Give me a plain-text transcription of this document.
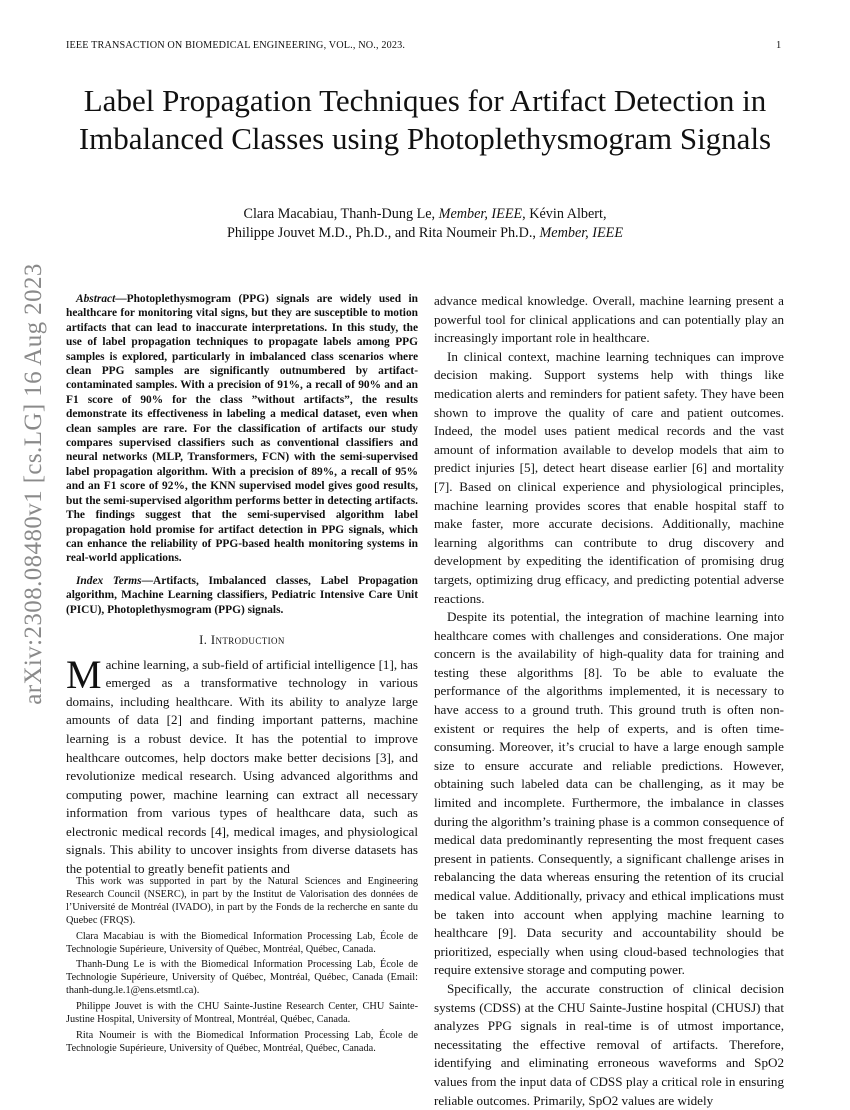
IEEE TRANSACTION ON BIOMEDICAL ENGINEERING, VOL., NO., 2023.	1
arXiv:2308.08480v1 [cs.LG] 16 Aug 2023
Label Propagation Techniques for Artifact Detection in Imbalanced Classes using Photoplethysmogram Signals
Clara Macabiau, Thanh-Dung Le, Member, IEEE, Kévin Albert,
Philippe Jouvet M.D., Ph.D., and Rita Noumeir Ph.D., Member, IEEE

Abstract—Photoplethysmogram (PPG) signals are widely used in healthcare for monitoring vital signs, but they are susceptible to motion artifacts that can lead to inaccurate interpretations. In this study, the use of label propagation techniques to propagate labels among PPG samples is explored, particularly in imbalanced class scenarios where clean PPG samples are significantly outnumbered by artifact-contaminated samples. With a precision of 91%, a recall of 90% and an F1 score of 90% for the class ”without artifacts”, the results demonstrate its effectiveness in labeling a medical dataset, even when clean samples are rare. For the classification of artifacts our study compares supervised classifiers such as conventional classifiers and neural networks (MLP, Transformers, FCN) with the semi-supervised label propagation algorithm. With a precision of 89%, a recall of 95% and an F1 score of 92%, the KNN supervised model gives good results, but the semi-supervised algorithm performs better in detecting artifacts. The findings suggest that the semi-supervised algorithm label propagation hold promise for artifact detection in PPG signals, which can enhance the reliability of PPG-based health monitoring systems in real-world applications.

Index Terms—Artifacts, Imbalanced classes, Label Propagation algorithm, Machine Learning classifiers, Pediatric Intensive Care Unit (PICU), Photoplethysmogram (PPG) signals.

I. Introduction

Machine learning, a sub-field of artificial intelligence [1], has emerged as a transformative technology in various domains, including healthcare. With its ability to analyze large amounts of data [2] and finding important patterns, machine learning is a robust device. It has the potential to improve healthcare outcomes, help doctors make better decisions [3], and revolutionize medical research. Using advanced algorithms and computing power, machine learning can extract all necessary information from various types of healthcare data, such as electronic medical records [4], medical images, and physiological signals. This ability to uncover insights from diverse datasets has the potential to greatly benefit patients and

This work was supported in part by the Natural Sciences and Engineering Research Council (NSERC), in part by the Institut de Valorisation des données de l’Université de Montréal (IVADO), in part by the Fonds de la recherche en sante du Quebec (FRQS).

Clara Macabiau is with the Biomedical Information Processing Lab, École de Technologie Supérieure, University of Québec, Montréal, Québec, Canada.

Thanh-Dung Le is with the Biomedical Information Processing Lab, École de Technologie Supérieure, University of Québec, Montréal, Québec, Canada (Email: thanh-dung.le.1@ens.etsmtl.ca).

Philippe Jouvet is with the CHU Sainte-Justine Research Center, CHU Sainte-Justine Hospital, University of Montreal, Montréal, Québec, Canada.

Rita Noumeir is with the Biomedical Information Processing Lab, École de Technologie Supérieure, University of Québec, Montréal, Québec, Canada.

advance medical knowledge. Overall, machine learning present a powerful tool for clinical applications and can potentially play an increasingly important role in healthcare.

In clinical context, machine learning techniques can improve decision making. Support systems help with things like medication alerts and reminders for patient safety. They have been shown to improve the quality of care and patient outcomes. Indeed, the model uses patient medical records and the vast amount of information available to develop models that aim to predict injuries [5], detect heart disease earlier [6] and mortality [7]. Based on clinical experience and physiological principles, machine learning provides scores that enable hospital staff to make faster, more accurate decisions. Additionally, machine learning algorithms can contribute to drug discovery and development by expediting the identification of promising drug targets, optimizing drug efficacy, and predicting potential adverse reactions.

Despite its potential, the integration of machine learning into healthcare comes with challenges and considerations. One major concern is the availability of high-quality data for training and testing these algorithms [8]. To be able to evaluate the performance of the algorithms implemented, it is necessary to have access to a ground truth. This ground truth is often non-existent or requires the help of experts, and is often time-consuming. Moreover, it’s crucial to have a large enough sample size to ensure accurate and reliable predictions. However, obtaining such labeled data can be challenging, as it may be limited and incomplete. Furthermore, the imbalance in classes during the algorithm’s training phase is a common consequence of medical data predominantly representing the most frequent cases present in patients. Consequently, a significant challenge arises in rebalancing the data whereas ensuring the retention of its crucial medical value. Additionally, privacy and ethical implications must be taken into account when applying machine learning to healthcare [9]. Data security and accountability should be prioritized, especially when using cloud-based technologies that require extensive storage and computing power.

Specifically, the accurate construction of clinical decision systems (CDSS) at the CHU Sainte-Justine hospital (CHUSJ) that analyzes PPG signals in real-time is of utmost importance, necessitating the effective removal of artifacts. Therefore, identifying and eliminating erroneous waveforms and SpO2 values from the input data of CDSS play a critical role in ensuring reliable outcomes. Primarily, SpO2 values are widely
